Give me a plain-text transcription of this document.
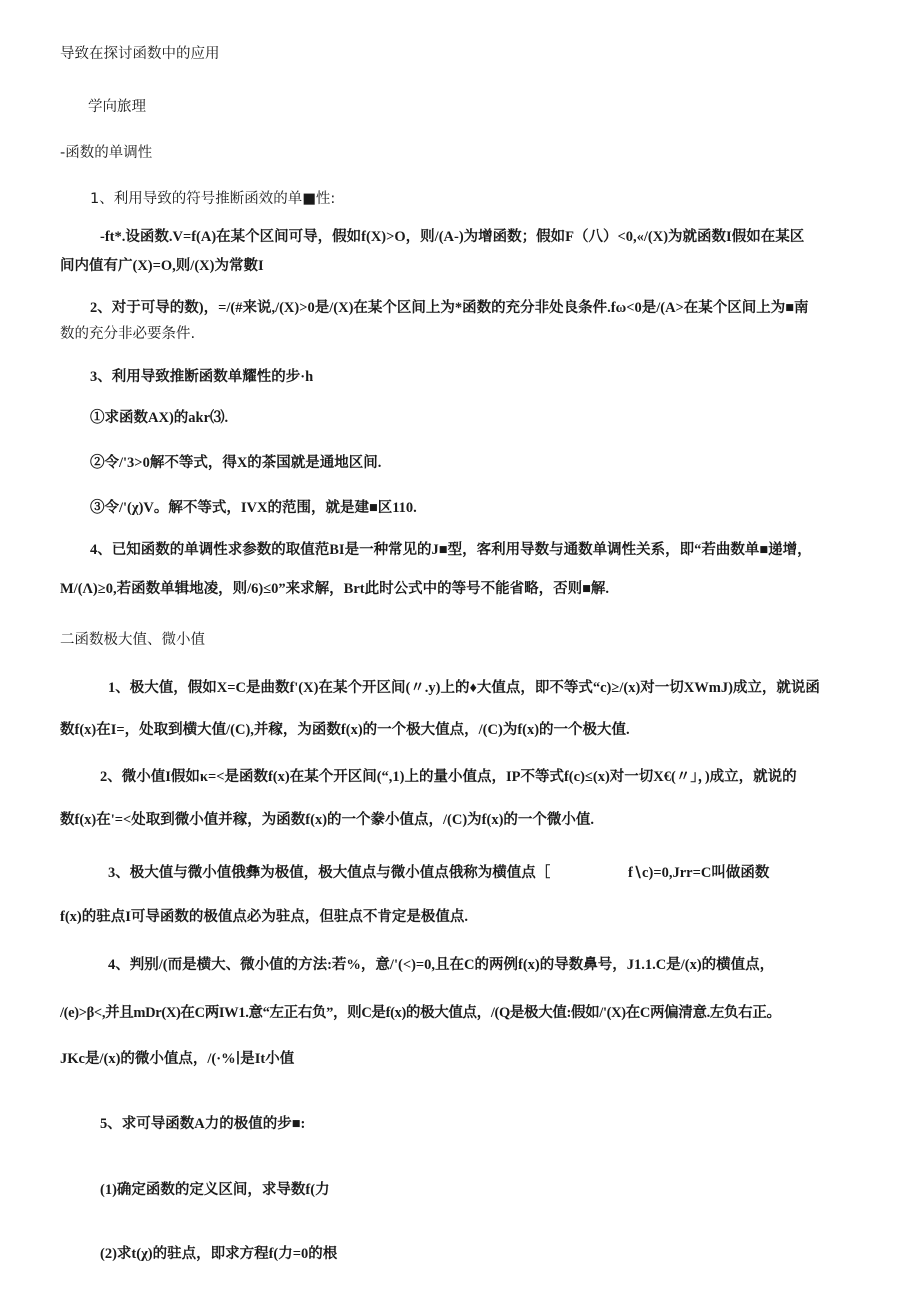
导致在探讨函数中的应用
学向旅理
-函数的单调性
1、利用导致的符号推断函效的单■性:
-ft*.设函数.V=f(A)在某个区间可导，假如f(X)>O，则/(A-)为增函数；假如F（八）<0,«/(X)为就函数I假如在某区
间内值有广(X)=O,则/(X)为常數I
2、对于可导的数)，=/(#来说,/(X)>0是/(X)在某个区间上为*函数的充分非处良条件.fω<0是/(A>在某个区间上为■南
数的充分非必要条件.
3、利用导致推断函数单耀性的步·h
①求函数AX)的akr⑶.
②令/'3>0解不等式，得X的茶国就是通地区间.
③令/'(χ)V。解不等式，IVX的范围，就是建■区110.
4、已知函数的单调性求参数的取值范BI是一种常见的J■型，客利用导数与通数单调性关系，即“若曲数单■递增，
M/(Λ)≥0,若函数单辑地凌，则/6)≤0”来求解，Brt此时公式中的等号不能省略，否则■解.
二函数极大值、微小值
1、极大值，假如X=C是曲数f'(X)在某个开区间(〃.y)上的♦大值点，即不等式“c)≥/(x)对一切XWmJ)成立，就说函
数f(x)在I=，处取到横大值/(C),并稼，为函数f(x)的一个极大值点，/(C)为f(x)的一个极大值.
2、微小值I假如κ=<是函数f(x)在某个开区间(“,1)上的量小值点，IP不等式f(c)≤(x)对一切X€(〃」，)成立，就说的
数f(x)在'=<处取到微小值并稼，为函数f(x)的一个豢小值点，/(C)为f(x)的一个微小值.
3、极大值与微小值俄彝为极值，极大值点与微小值点俄称为横值点［	f∖c)=0,Jrr=C叫做函数
f(x)的驻点I可导函数的极值点必为驻点，但驻点不肯定是极值点.
4、判别/(而是横大、微小值的方法:若%，意/'(<)=0,且在C的两例f(x)的导数鼻号，J1.1.C是/(x)的横值点，
/(e)>β<,并且mDr(X)在C两IW1.意“左正右负”，则C是f(x)的极大值点，/(Q是极大值:假如/'(X)在C两偏清意.左负右正。
JKc是/(x)的微小值点，/(·%∣是It小值
5、求可导函数A力的极值的步■:
(1)确定函数的定义区间，求导数f(力
(2)求t(χ)的驻点，即求方程f(力=0的根
